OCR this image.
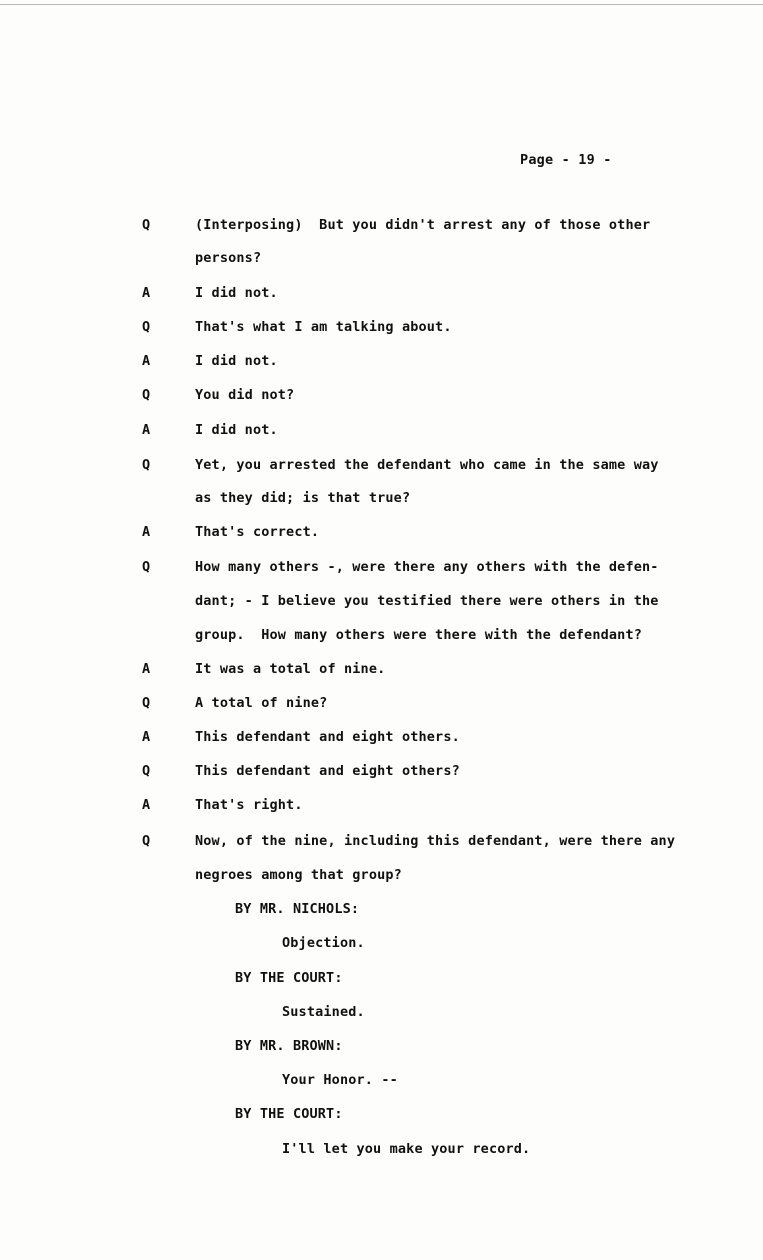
Page - 19 -
Q	(Interposing)  But you didn't arrest any of those other
persons?
A	I did not.
Q	That's what I am talking about.
A	I did not.
Q	You did not?
A	I did not.
Q	Yet, you arrested the defendant who came in the same way
as they did; is that true?
A	That's correct.
Q	How many others -, were there any others with the defen-
dant; - I believe you testified there were others in the
group.  How many others were there with the defendant?
A	It was a total of nine.
Q	A total of nine?
A	This defendant and eight others.
Q	This defendant and eight others?
A	That's right.
Q	Now, of the nine, including this defendant, were there any
negroes among that group?
BY MR. NICHOLS:
Objection.
BY THE COURT:
Sustained.
BY MR. BROWN:
Your Honor. --
BY THE COURT:
I'll let you make your record.
